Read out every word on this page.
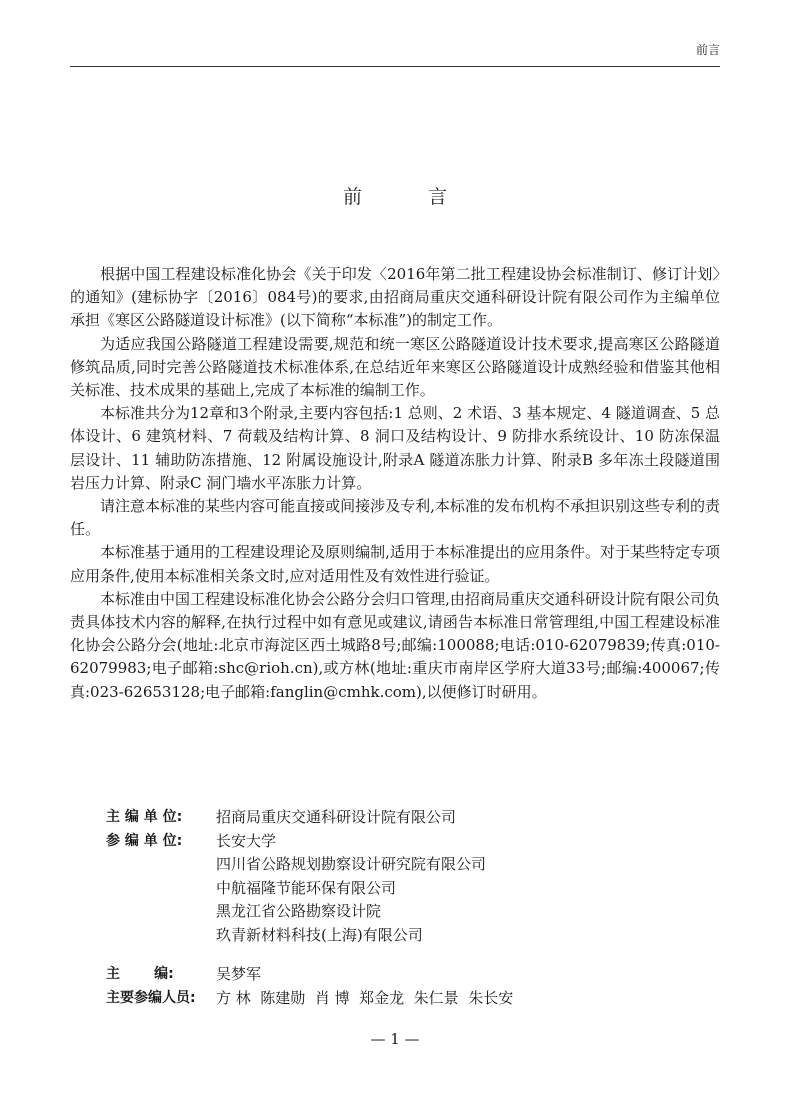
前言
前 言

根据中国工程建设标准化协会《关于印发〈2016年第二批工程建设协会标准制订、修订计划〉的通知》(建标协字〔2016〕084号)的要求,由招商局重庆交通科研设计院有限公司作为主编单位承担《寒区公路隧道设计标准》(以下简称“本标准”)的制定工作。

为适应我国公路隧道工程建设需要,规范和统一寒区公路隧道设计技术要求,提高寒区公路隧道修筑品质,同时完善公路隧道技术标准体系,在总结近年来寒区公路隧道设计成熟经验和借鉴其他相关标准、技术成果的基础上,完成了本标准的编制工作。

本标准共分为12章和3个附录,主要内容包括:1 总则、2 术语、3 基本规定、4 隧道调查、5 总体设计、6 建筑材料、7 荷载及结构计算、8 洞口及结构设计、9 防排水系统设计、10 防冻保温层设计、11 辅助防冻措施、12 附属设施设计,附录A 隧道冻胀力计算、附录B 多年冻土段隧道围岩压力计算、附录C 洞门墙水平冻胀力计算。

请注意本标准的某些内容可能直接或间接涉及专利,本标准的发布机构不承担识别这些专利的责任。

本标准基于通用的工程建设理论及原则编制,适用于本标准提出的应用条件。对于某些特定专项应用条件,使用本标准相关条文时,应对适用性及有效性进行验证。

本标准由中国工程建设标准化协会公路分会归口管理,由招商局重庆交通科研设计院有限公司负责具体技术内容的解释,在执行过程中如有意见或建议,请函告本标准日常管理组,中国工程建设标准化协会公路分会(地址:北京市海淀区西土城路8号;邮编:100088;电话:010-62079839;传真:010-62079983;电子邮箱:shc@rioh.cn),或方林(地址:重庆市南岸区学府大道33号;邮编:400067;传真:023-62653128;电子邮箱:fanglin@cmhk.com),以便修订时研用。

主 编 单 位:	招商局重庆交通科研设计院有限公司
参 编 单 位:	长安大学
四川省公路规划勘察设计研究院有限公司
中航福隆节能环保有限公司
黑龙江省公路勘察设计院
玖青新材料科技(上海)有限公司
主       编:	吴梦军
主要参编人员:	方 林  陈建勋  肖 博  郑金龙  朱仁景  朱长安
— 1 —
